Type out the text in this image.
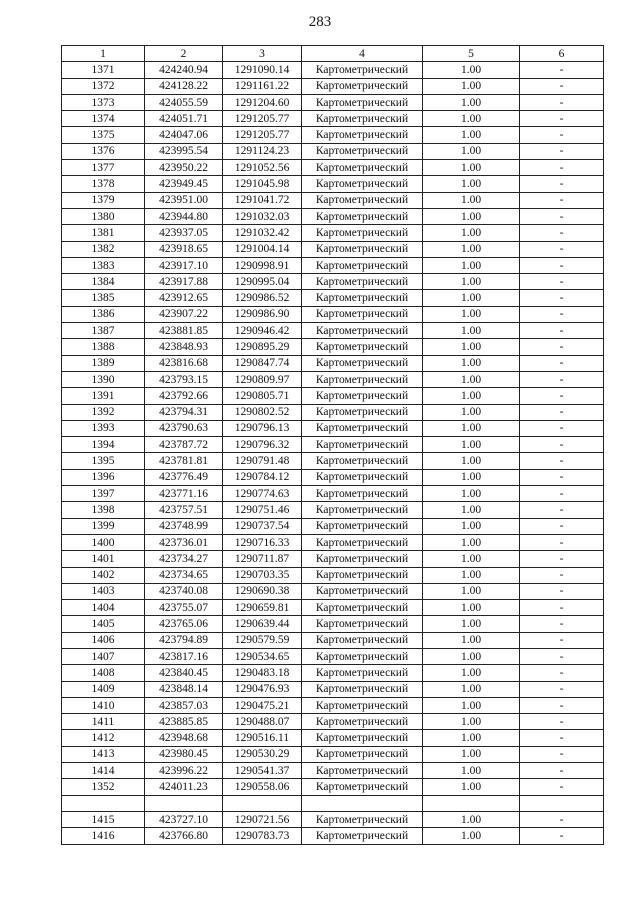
283
1	2	3	4	5	6
1371	424240.94	1291090.14	Картометрический	1.00	-
1372	424128.22	1291161.22	Картометрический	1.00	-
1373	424055.59	1291204.60	Картометрический	1.00	-
1374	424051.71	1291205.77	Картометрический	1.00	-
1375	424047.06	1291205.77	Картометрический	1.00	-
1376	423995.54	1291124.23	Картометрический	1.00	-
1377	423950.22	1291052.56	Картометрический	1.00	-
1378	423949.45	1291045.98	Картометрический	1.00	-
1379	423951.00	1291041.72	Картометрический	1.00	-
1380	423944.80	1291032.03	Картометрический	1.00	-
1381	423937.05	1291032.42	Картометрический	1.00	-
1382	423918.65	1291004.14	Картометрический	1.00	-
1383	423917.10	1290998.91	Картометрический	1.00	-
1384	423917.88	1290995.04	Картометрический	1.00	-
1385	423912.65	1290986.52	Картометрический	1.00	-
1386	423907.22	1290986.90	Картометрический	1.00	-
1387	423881.85	1290946.42	Картометрический	1.00	-
1388	423848.93	1290895.29	Картометрический	1.00	-
1389	423816.68	1290847.74	Картометрический	1.00	-
1390	423793.15	1290809.97	Картометрический	1.00	-
1391	423792.66	1290805.71	Картометрический	1.00	-
1392	423794.31	1290802.52	Картометрический	1.00	-
1393	423790.63	1290796.13	Картометрический	1.00	-
1394	423787.72	1290796.32	Картометрический	1.00	-
1395	423781.81	1290791.48	Картометрический	1.00	-
1396	423776.49	1290784.12	Картометрический	1.00	-
1397	423771.16	1290774.63	Картометрический	1.00	-
1398	423757.51	1290751.46	Картометрический	1.00	-
1399	423748.99	1290737.54	Картометрический	1.00	-
1400	423736.01	1290716.33	Картометрический	1.00	-
1401	423734.27	1290711.87	Картометрический	1.00	-
1402	423734.65	1290703.35	Картометрический	1.00	-
1403	423740.08	1290690.38	Картометрический	1.00	-
1404	423755.07	1290659.81	Картометрический	1.00	-
1405	423765.06	1290639.44	Картометрический	1.00	-
1406	423794.89	1290579.59	Картометрический	1.00	-
1407	423817.16	1290534.65	Картометрический	1.00	-
1408	423840.45	1290483.18	Картометрический	1.00	-
1409	423848.14	1290476.93	Картометрический	1.00	-
1410	423857.03	1290475.21	Картометрический	1.00	-
1411	423885.85	1290488.07	Картометрический	1.00	-
1412	423948.68	1290516.11	Картометрический	1.00	-
1413	423980.45	1290530.29	Картометрический	1.00	-
1414	423996.22	1290541.37	Картометрический	1.00	-
1352	424011.23	1290558.06	Картометрический	1.00	-

1415	423727.10	1290721.56	Картометрический	1.00	-
1416	423766.80	1290783.73	Картометрический	1.00	-
